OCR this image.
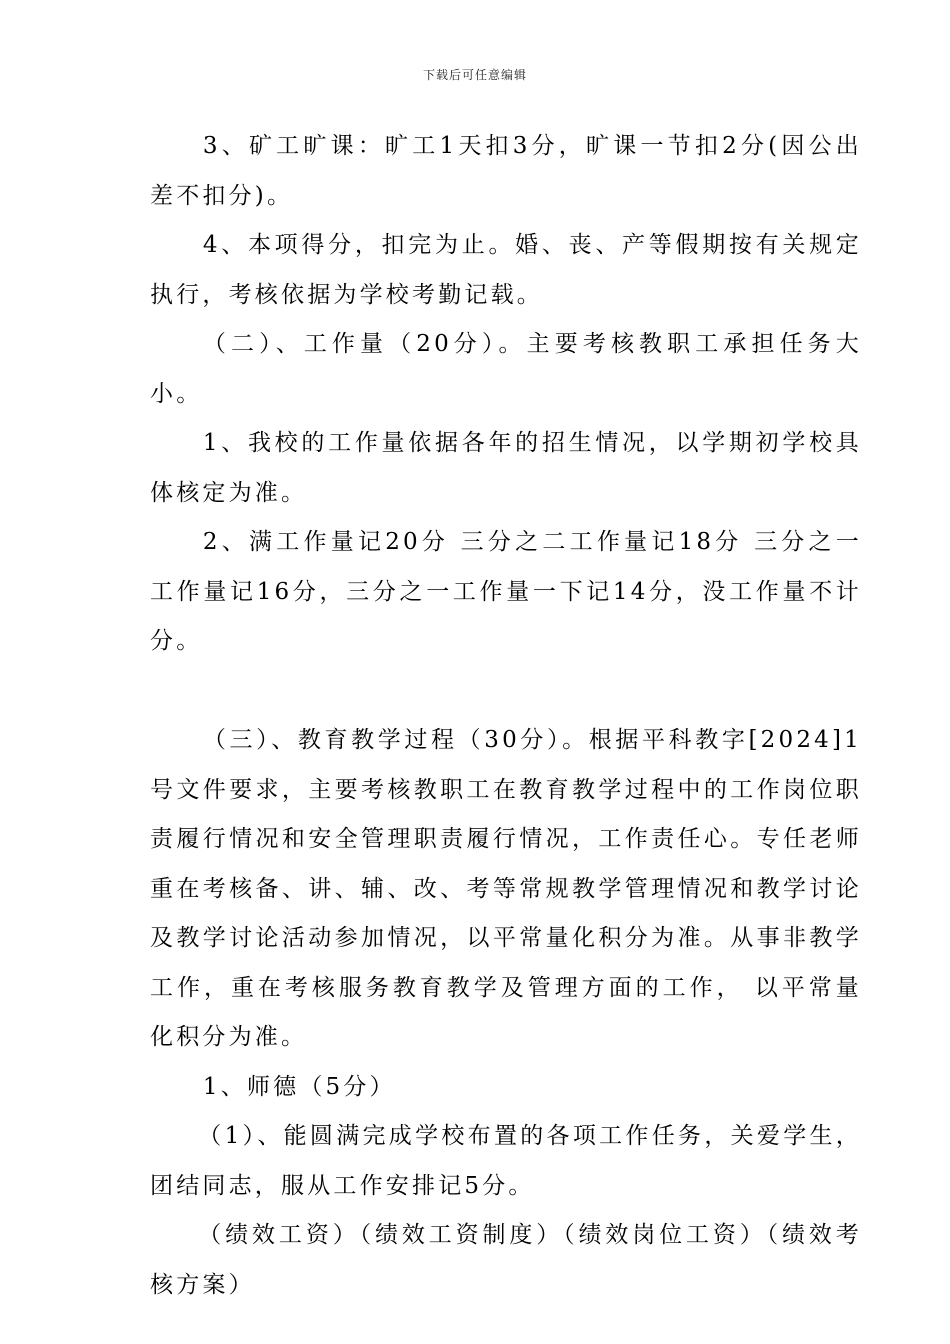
下载后可任意编辑

3、矿工旷课：旷工1天扣3分，旷课一节扣2分(因公出差不扣分)。

4、本项得分，扣完为止。婚、丧、产等假期按有关规定执行，考核依据为学校考勤记载。

（二）、工作量（20分）。主要考核教职工承担任务大小。

1、我校的工作量依据各年的招生情况，以学期初学校具体核定为准。

2、满工作量记20分 三分之二工作量记18分 三分之一工作量记16分，三分之一工作量一下记14分，没工作量不计分。

（三）、教育教学过程（30分）。根据平科教字[2024]1号文件要求，主要考核教职工在教育教学过程中的工作岗位职责履行情况和安全管理职责履行情况，工作责任心。专任老师重在考核备、讲、辅、改、考等常规教学管理情况和教学讨论及教学讨论活动参加情况，以平常量化积分为准。从事非教学工作，重在考核服务教育教学及管理方面的工作， 以平常量化积分为准。

1、师德（5分）

（1）、能圆满完成学校布置的各项工作任务，关爱学生，团结同志，服从工作安排记5分。

（绩效工资）（绩效工资制度）（绩效岗位工资）（绩效考核方案）
